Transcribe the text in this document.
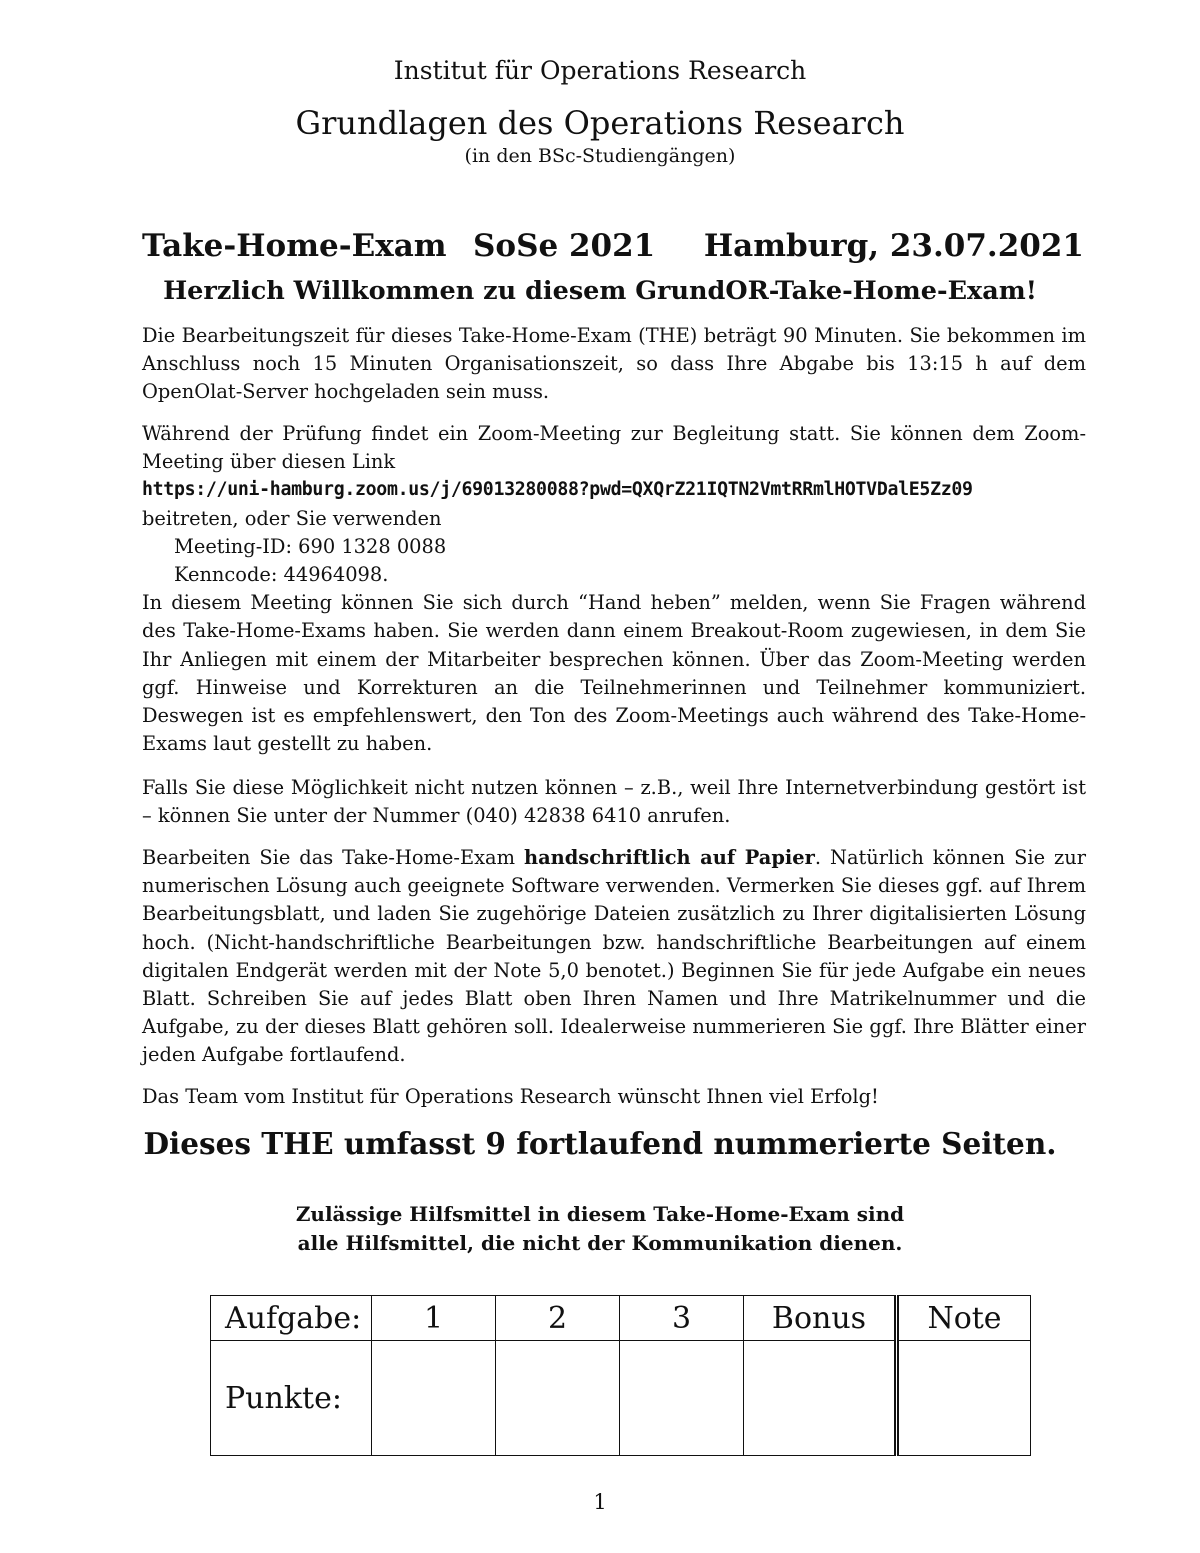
Institut für Operations Research
Grundlagen des Operations Research
(in den BSc-Studiengängen)
Take-Home-Exam SoSe 2021 Hamburg, 23.07.2021
Herzlich Willkommen zu diesem GrundOR-Take-Home-Exam!

Die Bearbeitungszeit für dieses Take-Home-Exam (THE) beträgt 90 Minuten. Sie bekommen im Anschluss noch 15 Minuten Organisationszeit, so dass Ihre Abgabe bis 13:15 h auf dem OpenOlat-Server hochgeladen sein muss.

Während der Prüfung findet ein Zoom-Meeting zur Begleitung statt. Sie können dem Zoom-Meeting über diesen Link

https://uni-hamburg.zoom.us/j/69013280088?pwd=QXQrZ21IQTN2VmtRRmlHOTVDalE5Zz09
beitreten, oder Sie verwenden
Meeting-ID: 690 1328 0088
Kenncode: 44964098.

In diesem Meeting können Sie sich durch “Hand heben” melden, wenn Sie Fragen während des Take-Home-Exams haben. Sie werden dann einem Breakout-Room zugewiesen, in dem Sie Ihr Anliegen mit einem der Mitarbeiter besprechen können. Über das Zoom-Meeting werden ggf. Hinweise und Korrekturen an die Teilnehmerinnen und Teilnehmer kommuniziert. Deswegen ist es empfehlenswert, den Ton des Zoom-Meetings auch während des Take-Home-Exams laut gestellt zu haben.

Falls Sie diese Möglichkeit nicht nutzen können – z.B., weil Ihre Internetverbindung gestört ist – können Sie unter der Nummer (040) 42838 6410 anrufen.

Bearbeiten Sie das Take-Home-Exam handschriftlich auf Papier. Natürlich können Sie zur numerischen Lösung auch geeignete Software verwenden. Vermerken Sie dieses ggf. auf Ihrem Bearbeitungsblatt, und laden Sie zugehörige Dateien zusätzlich zu Ihrer digitalisierten Lösung hoch. (Nicht-handschriftliche Bearbeitungen bzw. handschriftliche Bearbeitungen auf einem digitalen Endgerät werden mit der Note 5,0 benotet.) Beginnen Sie für jede Aufgabe ein neues Blatt. Schreiben Sie auf jedes Blatt oben Ihren Namen und Ihre Matrikelnummer und die Aufgabe, zu der dieses Blatt gehören soll. Idealerweise nummerieren Sie ggf. Ihre Blätter einer jeden Aufgabe fortlaufend.

Das Team vom Institut für Operations Research wünscht Ihnen viel Erfolg!

Dieses THE umfasst 9 fortlaufend nummerierte Seiten.
Zulässige Hilfsmittel in diesem Take-Home-Exam sind
alle Hilfsmittel, die nicht der Kommunikation dienen.
Aufgabe:	1	2	3	Bonus	Note
Punkte:					
1
